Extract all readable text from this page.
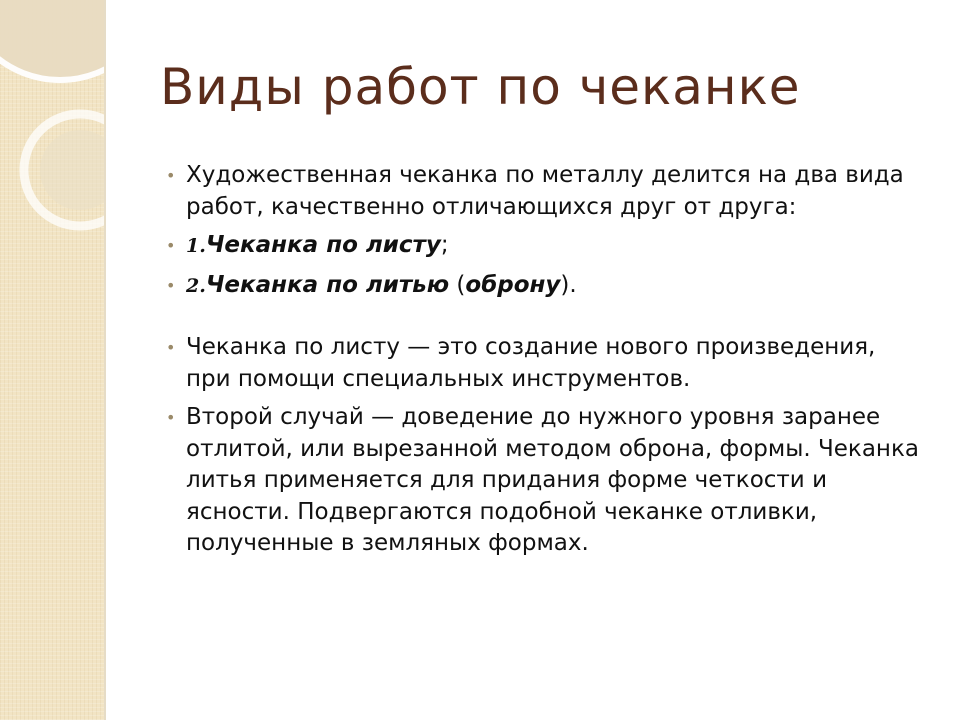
Виды работ по чеканке
• Художественная чеканка по металлу делится на два вида работ, качественно отличающихся друг от друга:
• 1.Чеканка по листу;
• 2.Чеканка по литью (оброну).
• Чеканка по листу — это создание нового произведения, при помощи специальных инструментов.
• Второй случай — доведение до нужного уровня заранее отлитой, или вырезанной методом оброна, формы. Чеканка литья применяется для придания форме четкости и ясности. Подвергаются подобной чеканке отливки, полученные в земляных формах.
